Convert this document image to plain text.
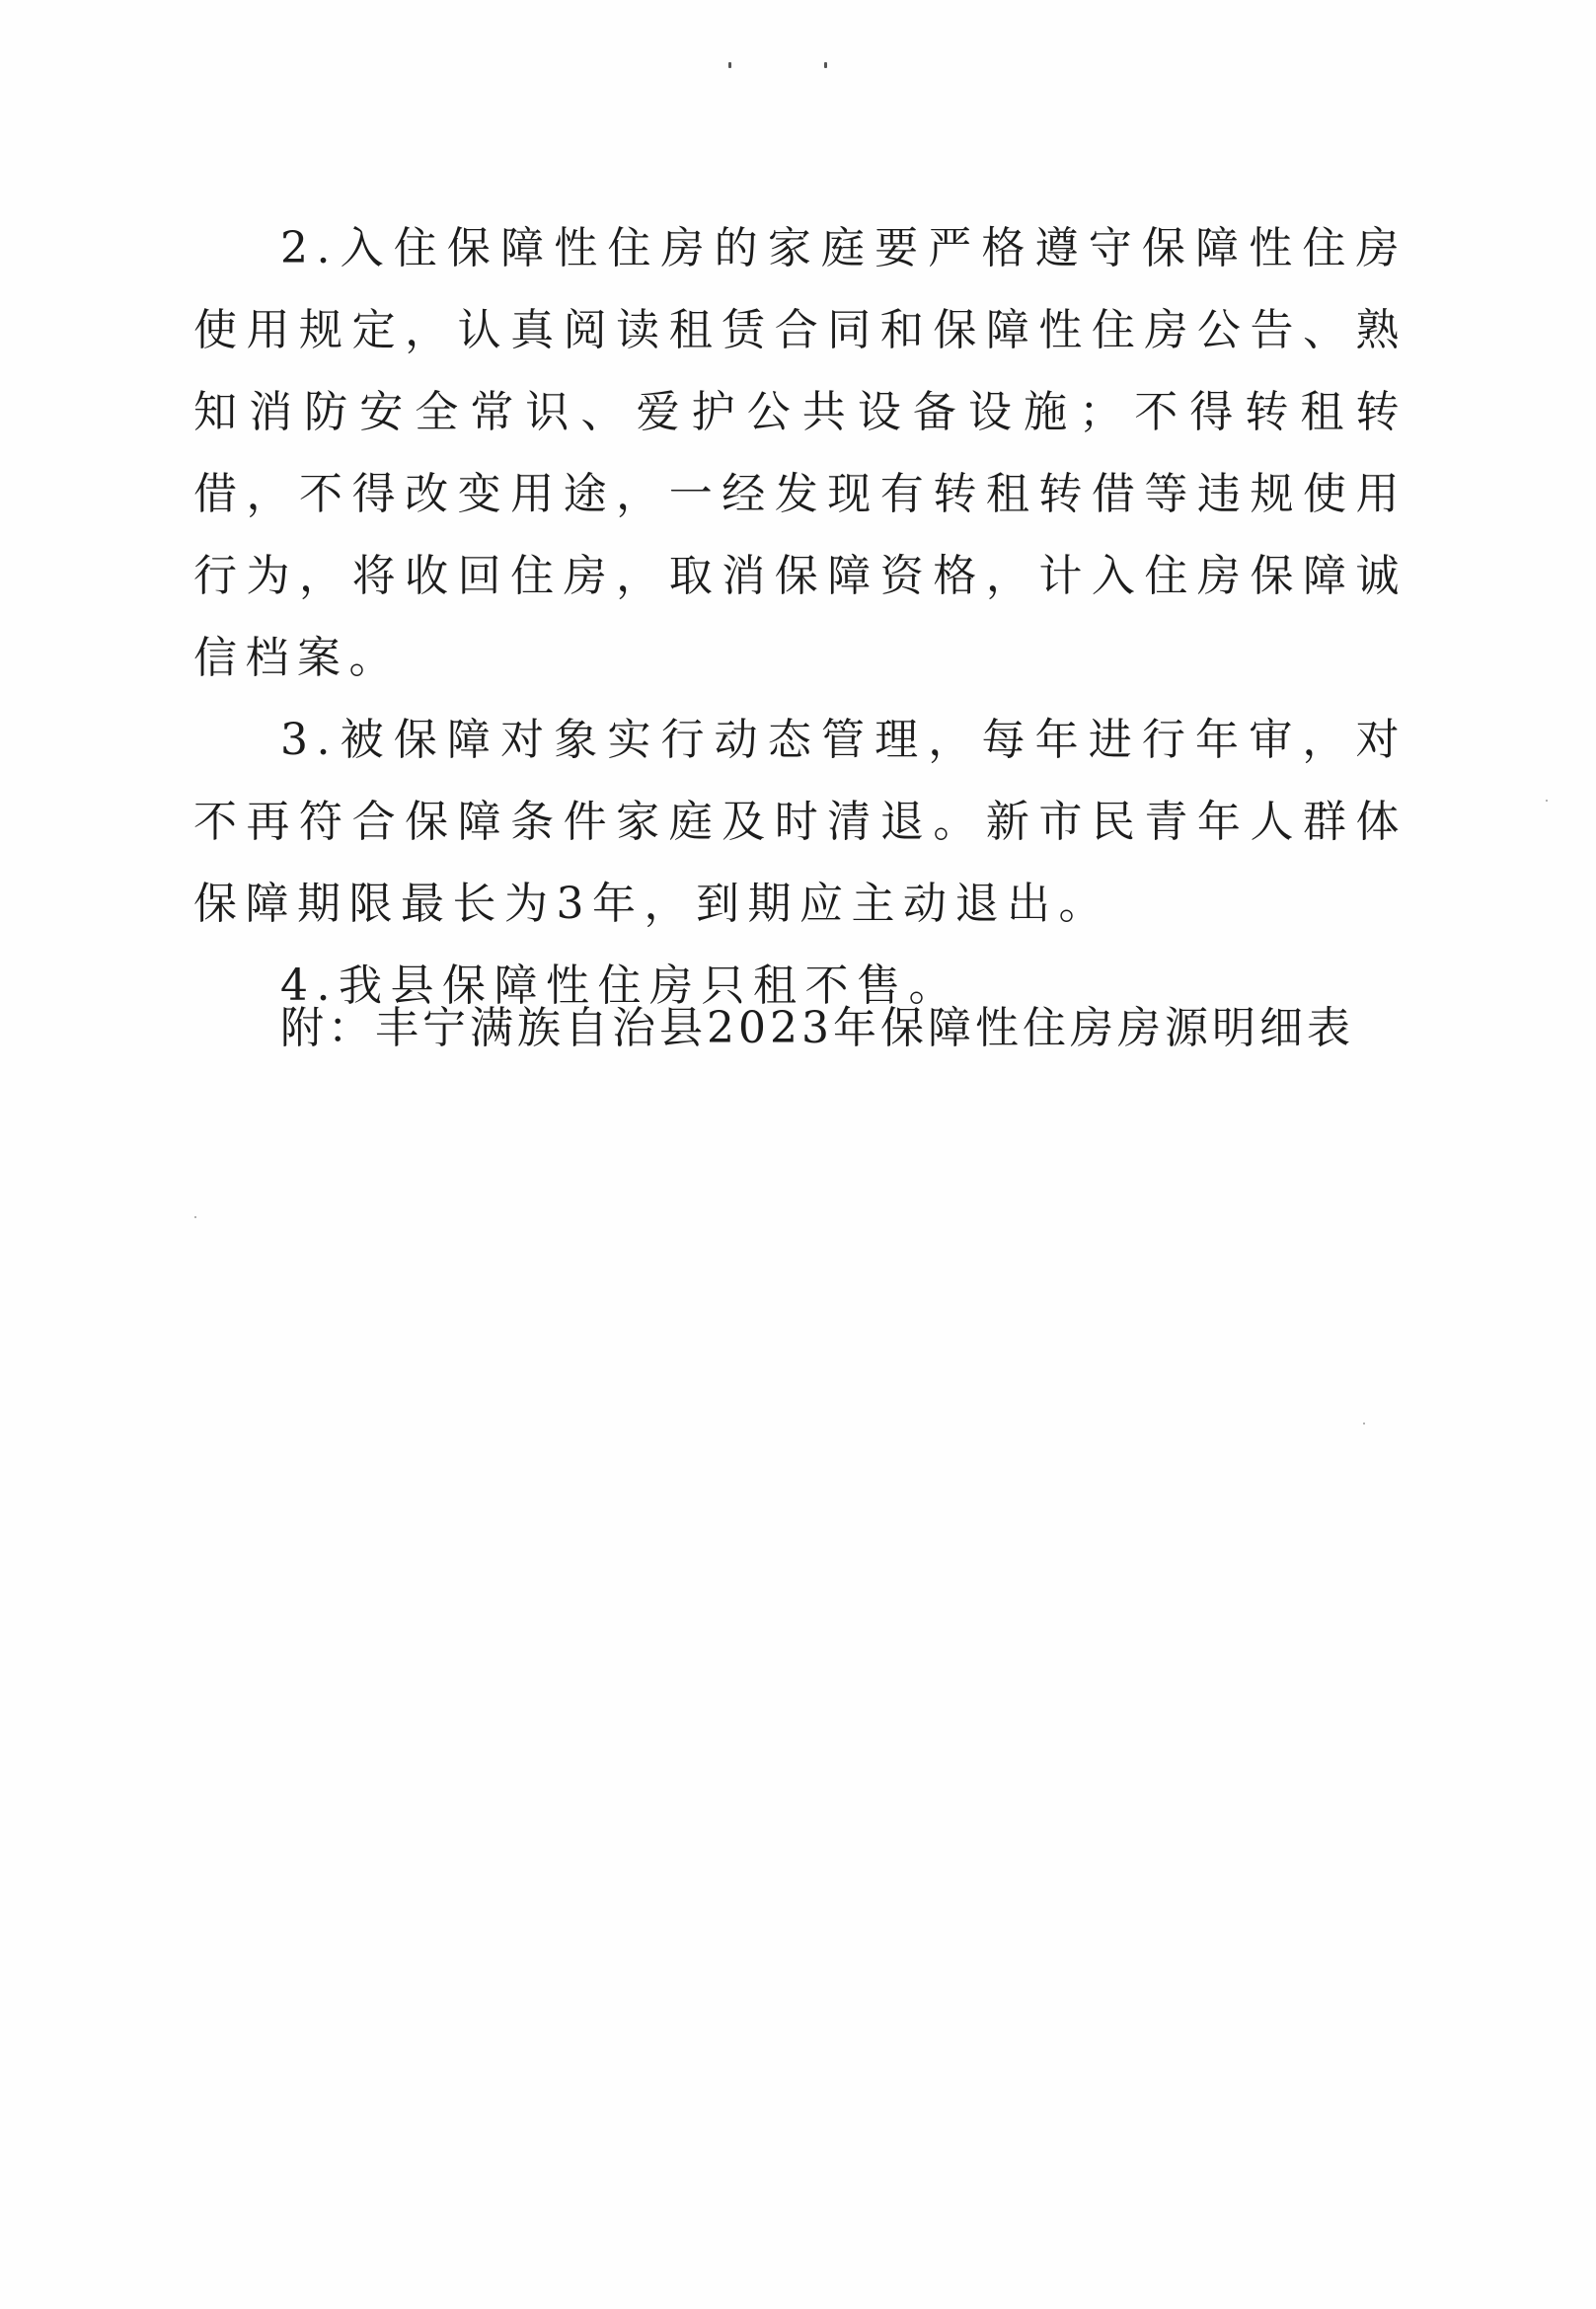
2.入住保障性住房的家庭要严格遵守保障性住房使用规定，认真阅读租赁合同和保障性住房公告、熟知消防安全常识、爱护公共设备设施；不得转租转借，不得改变用途，一经发现有转租转借等违规使用行为，将收回住房，取消保障资格，计入住房保障诚信档案。

3.被保障对象实行动态管理，每年进行年审，对不再符合保障条件家庭及时清退。新市民青年人群体保障期限最长为3年，到期应主动退出。

4.我县保障性住房只租不售。

附：丰宁满族自治县2023年保障性住房房源明细表
